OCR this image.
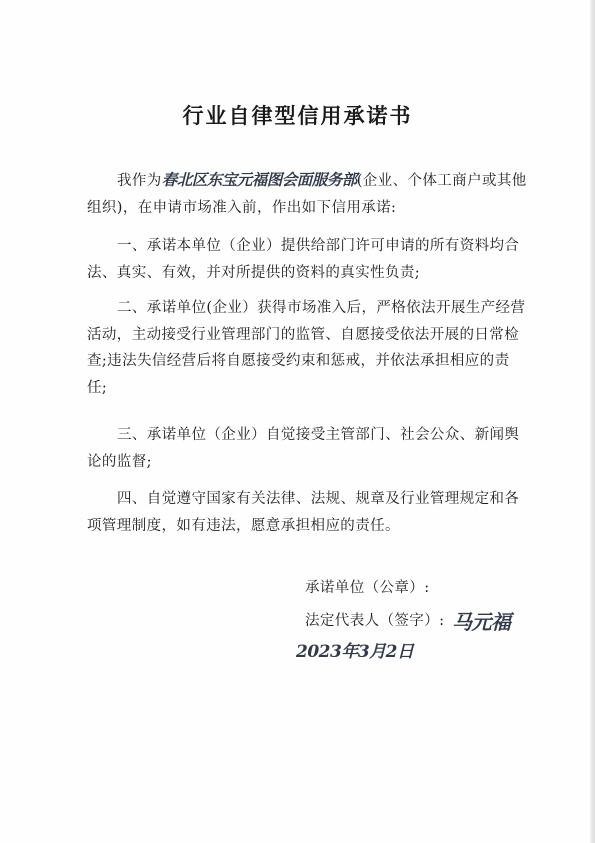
行业自律型信用承诺书

我作为春北区东宝元福图会面服务部(企业、个体工商户或其他组织)，在申请市场准入前，作出如下信用承诺:

一、承诺本单位（企业）提供给部门许可申请的所有资料均合法、真实、有效，并对所提供的资料的真实性负责;

二、承诺单位(企业）获得市场准入后，严格依法开展生产经营活动，主动接受行业管理部门的监管、自愿接受依法开展的日常检查;违法失信经营后将自愿接受约束和惩戒，并依法承担相应的责任;

三、承诺单位（企业）自觉接受主管部门、社会公众、新闻舆论的监督;

四、自觉遵守国家有关法律、法规、规章及行业管理规定和各项管理制度，如有违法，愿意承担相应的责任。

承诺单位（公章）:
法定代表人（签字）: 马元福
2023年3月2日
